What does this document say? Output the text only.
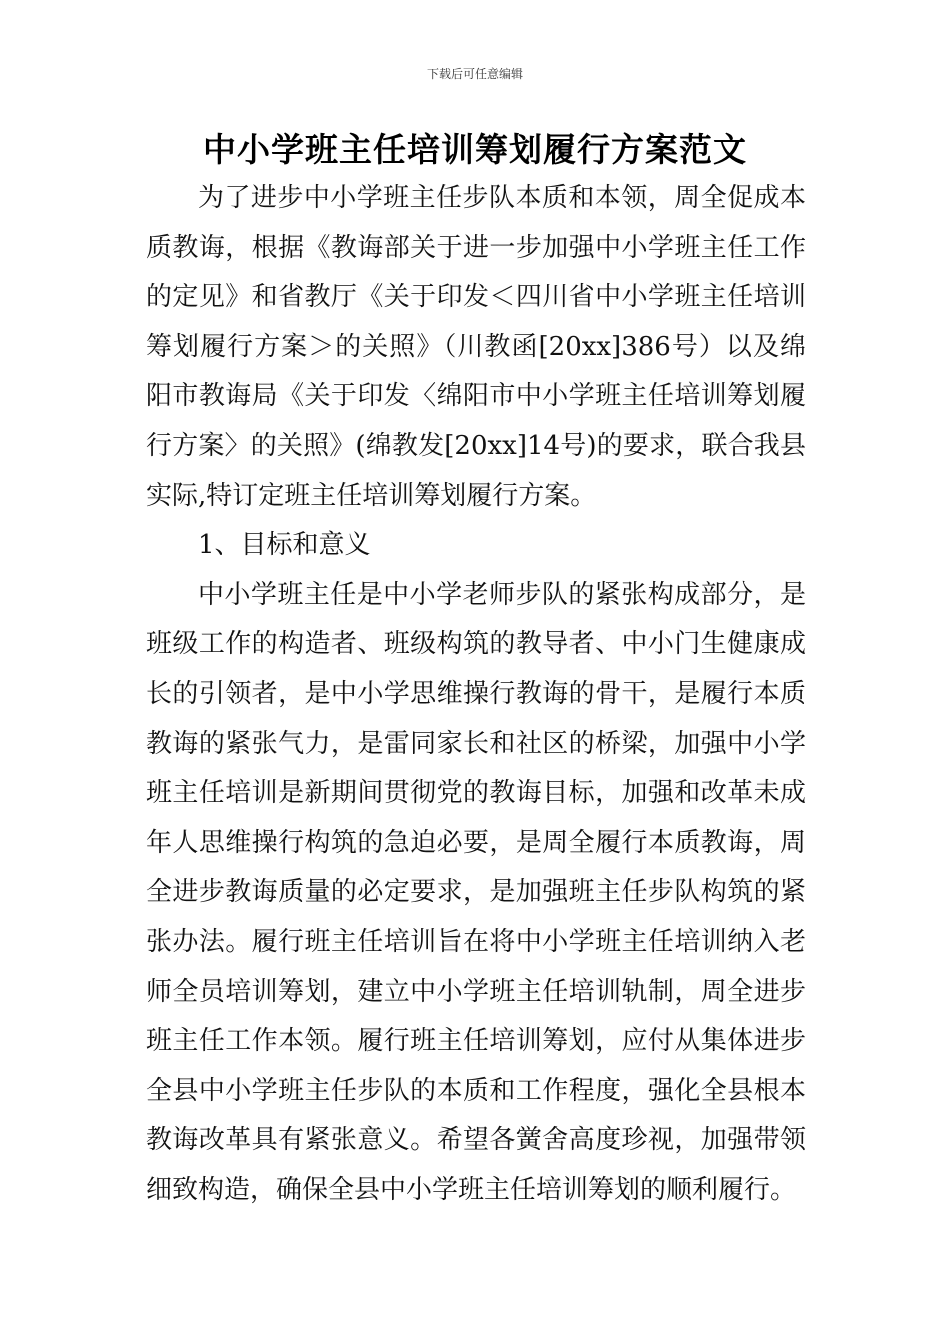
下载后可任意编辑
中小学班主任培训筹划履行方案范文

为了进步中小学班主任步队本质和本领，周全促成本质教诲，根据《教诲部关于进一步加强中小学班主任工作的定见》和省教厅《关于印发＜四川省中小学班主任培训筹划履行方案＞的关照》（川教函[20xx]386号）以及绵阳市教诲局《关于印发〈绵阳市中小学班主任培训筹划履行方案〉的关照》(绵教发[20xx]14号)的要求，联合我县实际,特订定班主任培训筹划履行方案。

1、目标和意义

中小学班主任是中小学老师步队的紧张构成部分，是班级工作的构造者、班级构筑的教导者、中小门生健康成长的引领者，是中小学思维操行教诲的骨干，是履行本质教诲的紧张气力，是雷同家长和社区的桥梁，加强中小学班主任培训是新期间贯彻党的教诲目标，加强和改革未成年人思维操行构筑的急迫必要，是周全履行本质教诲，周全进步教诲质量的必定要求，是加强班主任步队构筑的紧张办法。履行班主任培训旨在将中小学班主任培训纳入老师全员培训筹划，建立中小学班主任培训轨制，周全进步班主任工作本领。履行班主任培训筹划，应付从集体进步全县中小学班主任步队的本质和工作程度，强化全县根本教诲改革具有紧张意义。希望各黉舍高度珍视，加强带领细致构造，确保全县中小学班主任培训筹划的顺利履行。
